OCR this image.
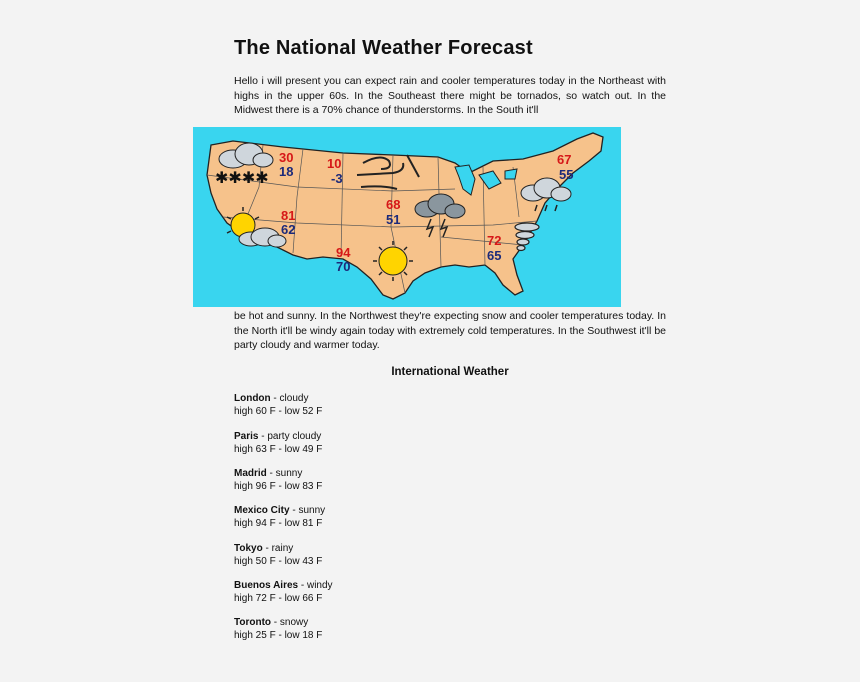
The National Weather Forecast
Hello i will present you can expect rain and cooler temperatures today in the Northeast with highs in the upper 60s. In the Southeast there might be tornados, so watch out. In the Midwest there is a 70% chance of thunderstorms. In the South it'll
✱✱✱✱
30
18
10
-3
81
62
68
51
94
70
67
55
72
65
be hot and sunny. In the Northwest they're expecting snow and cooler temperatures today. In the North it'll be windy again today with extremely cold temperatures. In the Southwest it'll be party cloudy and warmer today.
International Weather
London - cloudy
high 60 F - low 52 F
Paris - party cloudy
high 63 F - low 49 F
Madrid - sunny
high 96 F - low 83 F
Mexico City - sunny
high 94 F - low 81 F
Tokyo - rainy
high 50 F - low 43 F
Buenos Aires - windy
high 72 F - low 66 F
Toronto - snowy
high 25 F - low 18 F
